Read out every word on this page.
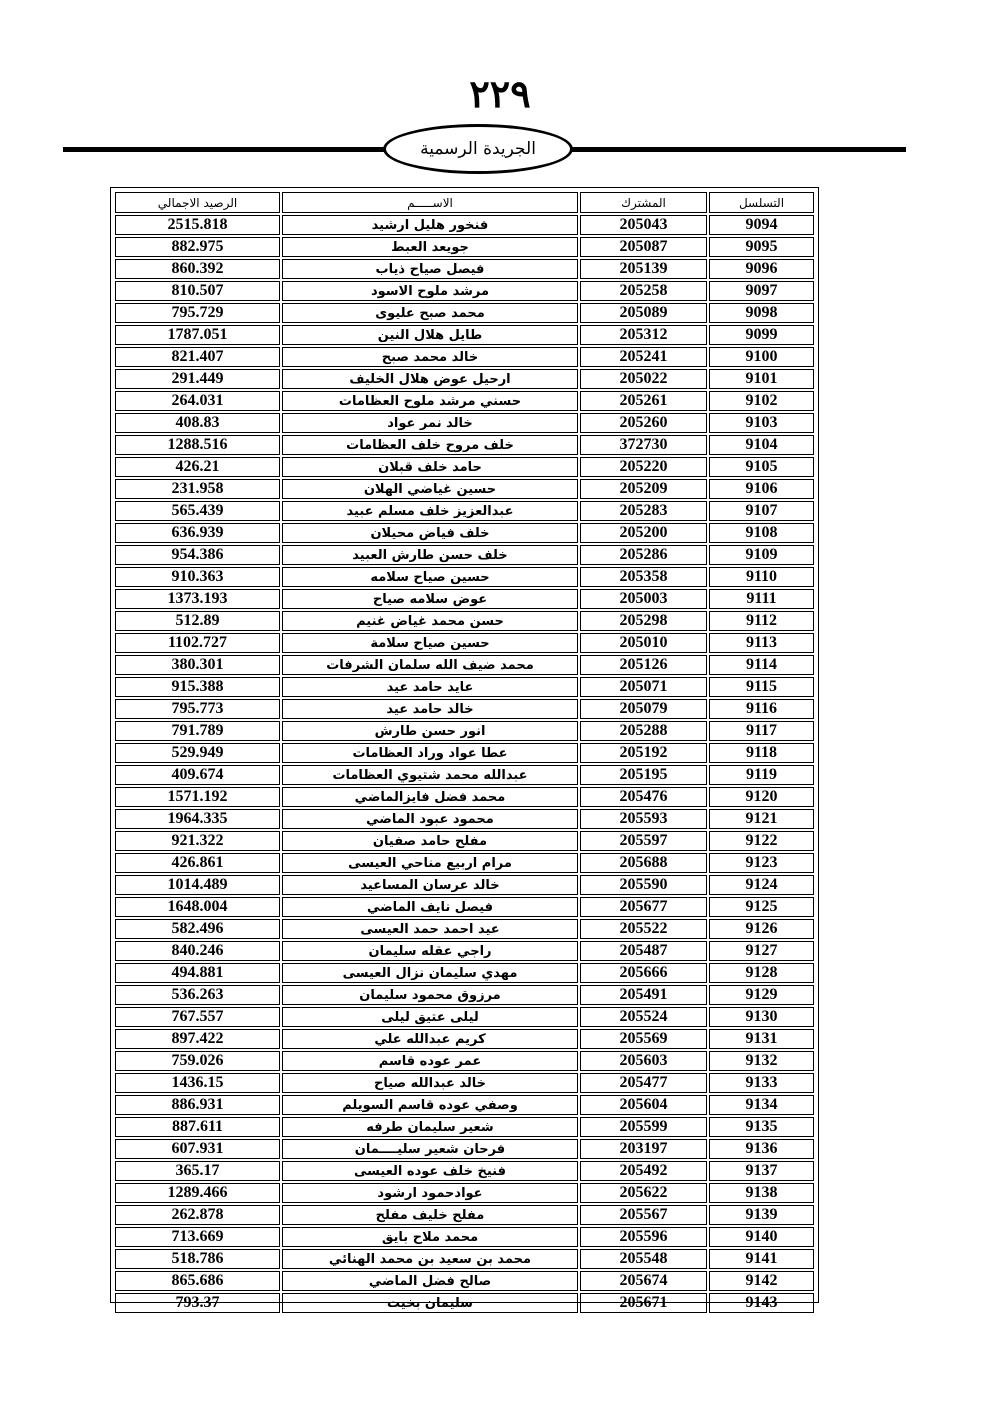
٢٢٩
الجريدة الرسمية
التسلسل	المشترك	الاســـــم	الرصيد الاجمالي
9094	205043	فنخور هليل ارشيد	2515.818
9095	205087	جويعد العبط	882.975
9096	205139	فيصل صياح ذياب	860.392
9097	205258	مرشد ملوح الاسود	810.507
9098	205089	محمد صبح عليوى	795.729
9099	205312	طايل هلال النين	1787.051
9100	205241	خالد محمد صبح	821.407
9101	205022	ارحيل عوض هلال الخليف	291.449
9102	205261	حسني مرشد ملوح العظامات	264.031
9103	205260	خالد نمر عواد	408.83
9104	372730	خلف مروح خلف العظامات	1288.516
9105	205220	حامد خلف قبلان	426.21
9106	205209	حسين غياضي الهلان	231.958
9107	205283	عبدالعزيز خلف مسلم عبيد	565.439
9108	205200	خلف فياض محيلان	636.939
9109	205286	خلف حسن طارش العبيد	954.386
9110	205358	حسين صياح سلامه	910.363
9111	205003	عوض سلامه صياح	1373.193
9112	205298	حسن محمد غياض غنيم	512.89
9113	205010	حسين صياح سلامة	1102.727
9114	205126	محمد ضيف الله سلمان الشرفات	380.301
9115	205071	عايد حامد عيد	915.388
9116	205079	خالد حامد عيد	795.773
9117	205288	انور حسن طارش	791.789
9118	205192	عطا عواد وراد العظامات	529.949
9119	205195	عبدالله محمد شتيوي العظامات	409.674
9120	205476	محمد فضل فايزالماضي	1571.192
9121	205593	محمود عبود الماضي	1964.335
9122	205597	مفلح حامد صفيان	921.322
9123	205688	مرام اربيع مناحي العيسى	426.861
9124	205590	خالد عرسان المساعيد	1014.489
9125	205677	فيصل نايف الماضي	1648.004
9126	205522	عيد احمد حمد العيسى	582.496
9127	205487	راجي عقله سليمان	840.246
9128	205666	مهدي سليمان نزال العيسى	494.881
9129	205491	مرزوق محمود سليمان	536.263
9130	205524	ليلى عتيق ليلى	767.557
9131	205569	كريم عبدالله علي	897.422
9132	205603	عمر عوده قاسم	759.026
9133	205477	خالد عبدالله صياح	1436.15
9134	205604	وصفي عوده قاسم السويلم	886.931
9135	205599	شعير سليمان طرفه	887.611
9136	203197	فرحان شعير سليــــمان	607.931
9137	205492	فنيخ خلف عوده العيسى	365.17
9138	205622	عوادحمود ارشود	1289.466
9139	205567	مفلح خليف مفلح	262.878
9140	205596	محمد ملاح بايق	713.669
9141	205548	محمد بن سعيد بن محمد الهنائي	518.786
9142	205674	صالح فضل الماضي	865.686
9143	205671	سليمان بخيت	793.37
